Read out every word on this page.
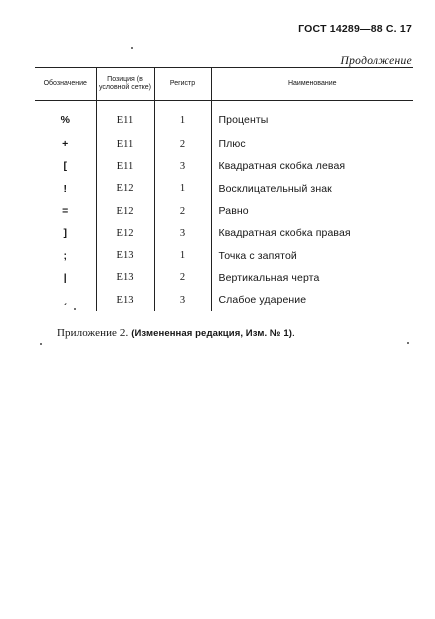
ГОСТ 14289—88 С. 17
Продолжение
Обозначение	Позиция (в условной сетке)	Регистр	Наименование
%	E11	1	Проценты
+	E11	2	Плюс
[	E11	3	Квадратная скобка левая
!	E12	1	Восклицательный знак
=	E12	2	Равно
]	E12	3	Квадратная скобка правая
;	E13	1	Точка с запятой
|	E13	2	Вертикальная черта
ˏ	E13	3	Слабое ударение
Приложение 2. (Измененная редакция, Изм. № 1).
